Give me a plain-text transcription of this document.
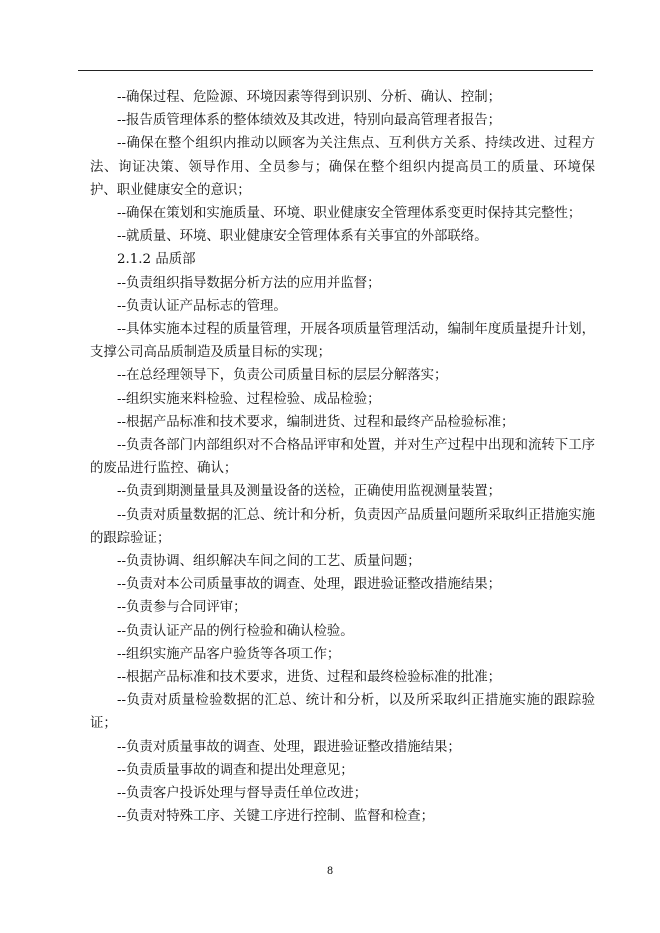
--确保过程、危险源、环境因素等得到识别、分析、确认、控制；

--报告质管理体系的整体绩效及其改进，特别向最高管理者报告；

--确保在整个组织内推动以顾客为关注焦点、互利供方关系、持续改进、过程方法、询证决策、领导作用、全员参与；确保在整个组织内提高员工的质量、环境保护、职业健康安全的意识；

--确保在策划和实施质量、环境、职业健康安全管理体系变更时保持其完整性；

--就质量、环境、职业健康安全管理体系有关事宜的外部联络。

2.1.2 品质部

--负责组织指导数据分析方法的应用并监督；

--负责认证产品标志的管理。

--具体实施本过程的质量管理，开展各项质量管理活动，编制年度质量提升计划，支撑公司高品质制造及质量目标的实现；

--在总经理领导下，负责公司质量目标的层层分解落实；

--组织实施来料检验、过程检验、成品检验；

--根据产品标准和技术要求，编制进货、过程和最终产品检验标准；

--负责各部门内部组织对不合格品评审和处置，并对生产过程中出现和流转下工序的废品进行监控、确认；

--负责到期测量量具及测量设备的送检，正确使用监视测量装置；

--负责对质量数据的汇总、统计和分析，负责因产品质量问题所采取纠正措施实施的跟踪验证；

--负责协调、组织解决车间之间的工艺、质量问题；

--负责对本公司质量事故的调查、处理，跟进验证整改措施结果；

--负责参与合同评审；

--负责认证产品的例行检验和确认检验。

--组织实施产品客户验货等各项工作；

--根据产品标准和技术要求，进货、过程和最终检验标准的批准；

--负责对质量检验数据的汇总、统计和分析，以及所采取纠正措施实施的跟踪验证；

--负责对质量事故的调查、处理，跟进验证整改措施结果；

--负责质量事故的调查和提出处理意见；

--负责客户投诉处理与督导责任单位改进；

--负责对特殊工序、关键工序进行控制、监督和检查；

8
